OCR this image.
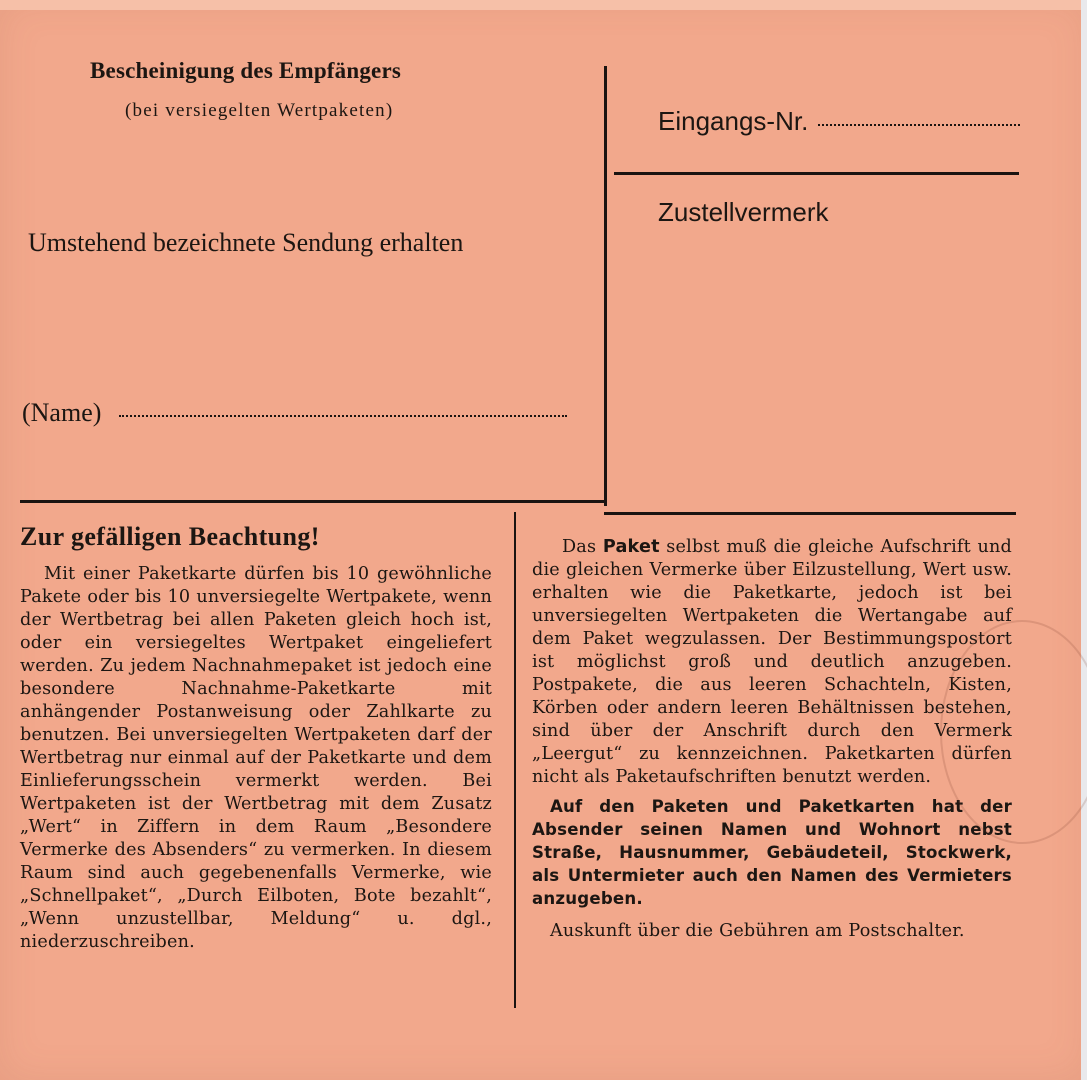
Bescheinigung des Empfängers
(bei versiegelten Wertpaketen)
Umstehend bezeichnete Sendung erhalten
(Name)
Eingangs-Nr.
Zustellvermerk
Zur gefälligen Beachtung!
Mit einer Paketkarte dürfen bis 10 gewöhnliche Pakete oder bis 10 unversiegelte Wertpakete, wenn der Wertbetrag bei allen Paketen gleich hoch ist, oder ein versiegeltes Wertpaket eingeliefert werden. Zu jedem Nachnahmepaket ist jedoch eine besondere Nachnahme-Paketkarte mit anhängender Postanweisung oder Zahlkarte zu benutzen. Bei unversiegelten Wertpaketen darf der Wertbetrag nur einmal auf der Paketkarte und dem Einlieferungsschein vermerkt werden. Bei Wertpaketen ist der Wertbetrag mit dem Zusatz „Wert“ in Ziffern in dem Raum „Besondere Vermerke des Absenders“ zu vermerken. In diesem Raum sind auch gegebenenfalls Vermerke, wie „Schnellpaket“, „Durch Eilboten, Bote bezahlt“, „Wenn unzustellbar, Meldung“ u. dgl., niederzuschreiben.

Das Paket selbst muß die gleiche Aufschrift und die gleichen Vermerke über Eilzustellung, Wert usw. erhalten wie die Paketkarte, jedoch ist bei unversiegelten Wertpaketen die Wertangabe auf dem Paket wegzulassen. Der Bestimmungspostort ist möglichst groß und deutlich anzugeben. Postpakete, die aus leeren Schachteln, Kisten, Körben oder andern leeren Behältnissen bestehen, sind über der Anschrift durch den Vermerk „Leergut“ zu kennzeichnen. Paketkarten dürfen nicht als Paketaufschriften benutzt werden.

Auf den Paketen und Paketkarten hat der Absender seinen Namen und Wohnort nebst Straße, Hausnummer, Gebäudeteil, Stockwerk, als Untermieter auch den Namen des Vermieters anzugeben.

Auskunft über die Gebühren am Postschalter.
